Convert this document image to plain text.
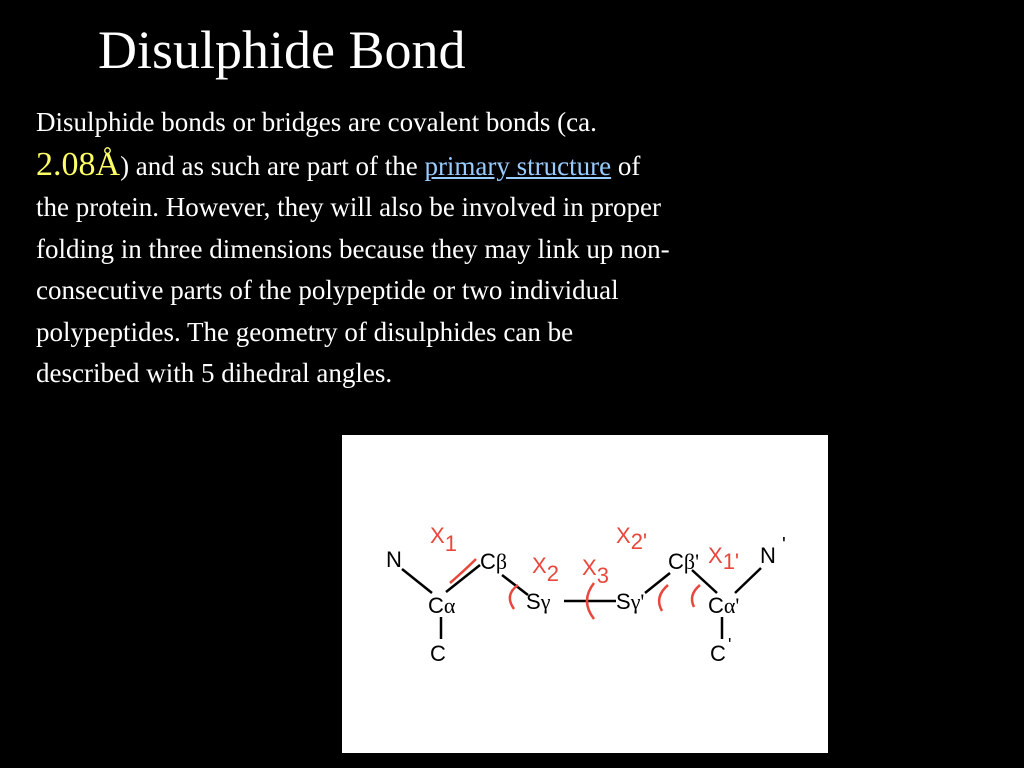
Disulphide Bond
Disulphide bonds or bridges are covalent bonds (ca. 2.08Å) and as such are part of the primary structure of the protein. However, they will also be involved in proper folding in three dimensions because they may link up non-consecutive parts of the polypeptide or two individual polypeptides. The geometry of disulphides can be described with 5 dihedral angles.
N
Cα
C
Cβ
Sγ	Sγ'
Cβ'
Cα'
N '
C '
X1
X2 X3
X2'
X1'
